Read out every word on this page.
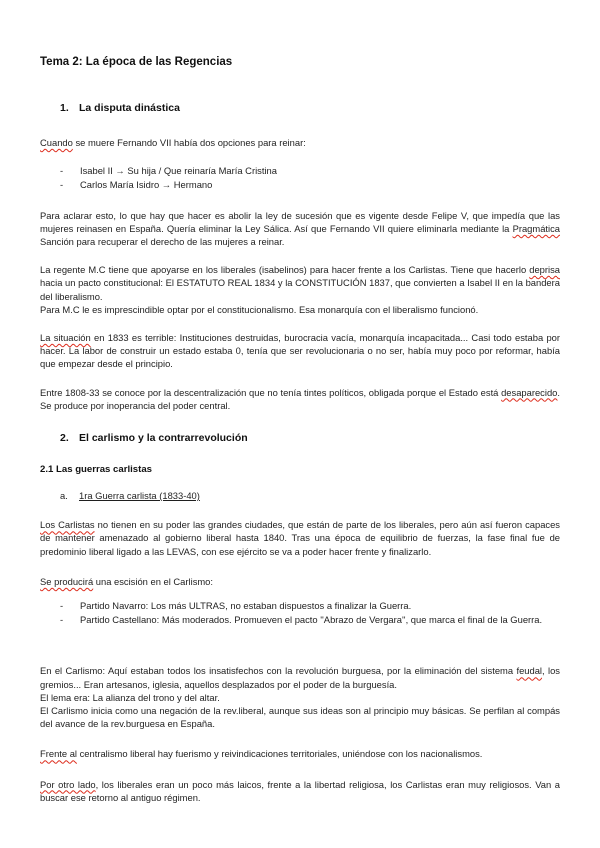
Tema 2: La época de las Regencias
1. La disputa dinástica

Cuando se muere Fernando VII había dos opciones para reinar:

-	Isabel II → Su hija / Que reinaría María Cristina
-	Carlos María Isidro → Hermano

Para aclarar esto, lo que hay que hacer es abolir la ley de sucesión que es vigente desde Felipe V, que impedía que las mujeres reinasen en España. Quería eliminar la Ley Sálica. Así que Fernando VII quiere eliminarla mediante la Pragmática Sanción para recuperar el derecho de las mujeres a reinar.

La regente M.C tiene que apoyarse en los liberales (isabelinos) para hacer frente a los Carlistas. Tiene que hacerlo deprisa hacia un pacto constitucional: El ESTATUTO REAL 1834 y la CONSTITUCIÓN 1837, que convierten a Isabel II en la bandera del liberalismo.

Para M.C le es imprescindible optar por el constitucionalismo. Esa monarquía con el liberalismo funcionó.

La situación en 1833 es terrible: Instituciones destruidas, burocracia vacía, monarquía incapacitada... Casi todo estaba por hacer. La labor de construir un estado estaba 0, tenía que ser revolucionaria o no ser, había muy poco por reformar, había que empezar desde el principio.

Entre 1808-33 se conoce por la descentralización que no tenía tintes políticos, obligada porque el Estado está desaparecido. Se produce por inoperancia del poder central.

2. El carlismo y la contrarrevolución
2.1 Las guerras carlistas
a.	1ra Guerra carlista (1833-40)

Los Carlistas no tienen en su poder las grandes ciudades, que están de parte de los liberales, pero aún así fueron capaces de mantener amenazado al gobierno liberal hasta 1840. Tras una época de equilibrio de fuerzas, la fase final fue de predominio liberal ligado a las LEVAS, con ese ejército se va a poder hacer frente y finalizarlo.

Se producirá una escisión en el Carlismo:

-	Partido Navarro: Los más ULTRAS, no estaban dispuestos a finalizar la Guerra.
-	Partido Castellano: Más moderados. Promueven el pacto ''Abrazo de Vergara'', que marca el final de la Guerra.

En el Carlismo: Aquí estaban todos los insatisfechos con la revolución burguesa, por la eliminación del sistema feudal, los gremios... Eran artesanos, iglesia, aquellos desplazados por el poder de la burguesía.

El lema era: La alianza del trono y del altar.

El Carlismo inicia como una negación de la rev.liberal, aunque sus ideas son al principio muy básicas. Se perfilan al compás del avance de la rev.burguesa en España.

Frente al centralismo liberal hay fuerismo y reivindicaciones territoriales, uniéndose con los nacionalismos.

Por otro lado, los liberales eran un poco más laicos, frente a la libertad religiosa, los Carlistas eran muy religiosos. Van a buscar ese retorno al antiguo régimen.
